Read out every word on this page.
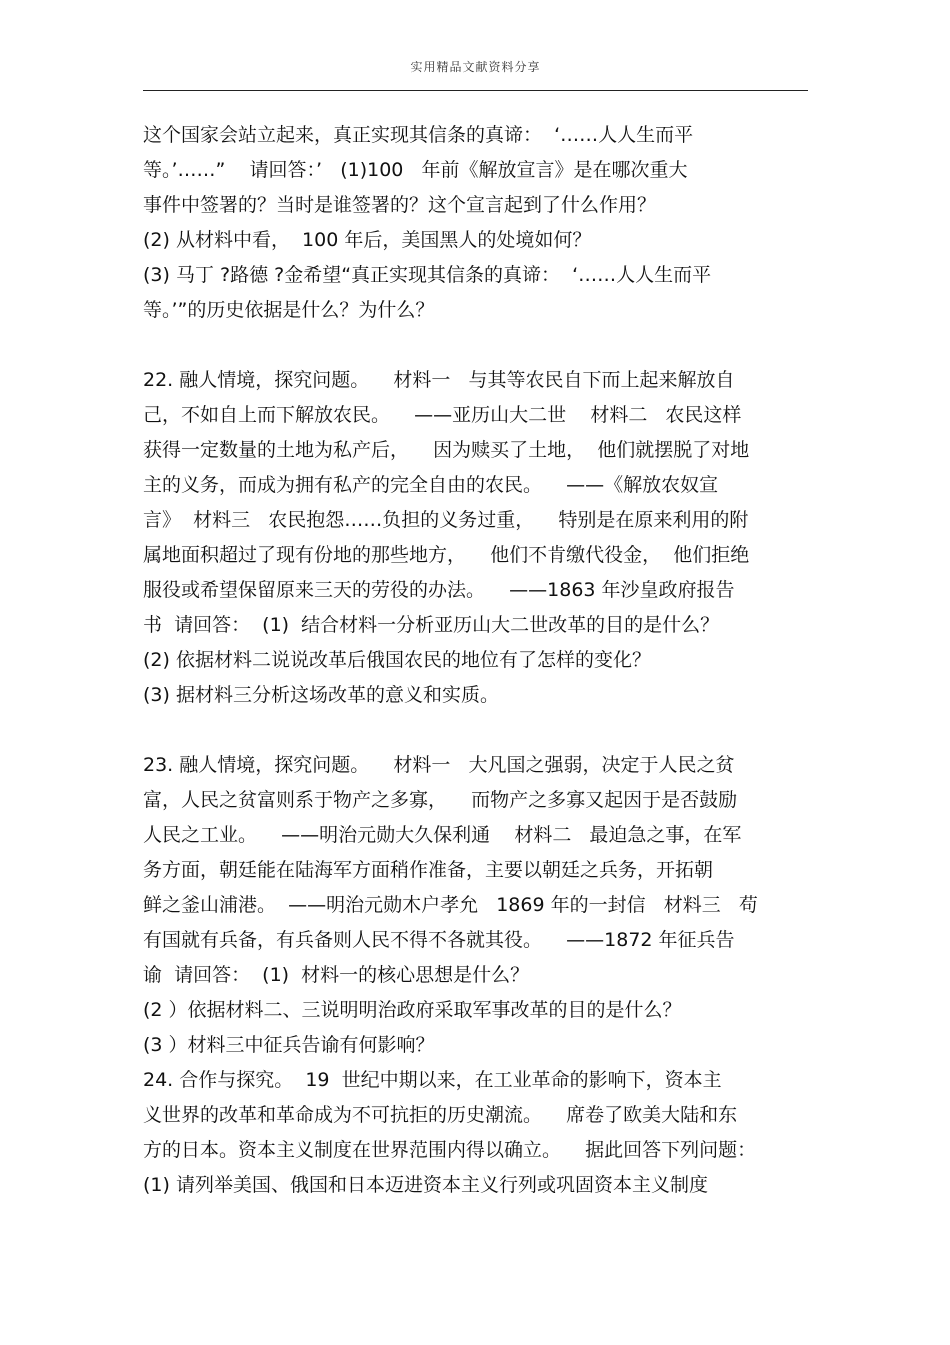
实用精品文献资料分享
这个国家会站立起来，真正实现其信条的真谛：  ‘……人人生而平
等。’……”    请回答：’   (1)100   年前《解放宣言》是在哪次重大
事件中签署的？当时是谁签署的？这个宣言起到了什么作用？
(2) 从材料中看，  100 年后，美国黑人的处境如何？
(3) 马丁 ?路德 ?金希望“真正实现其信条的真谛：  ‘……人人生而平
等。’”的历史依据是什么？为什么？
22. 融人情境，探究问题。    材料一   与其等农民自下而上起来解放自
己，不如自上而下解放农民。    ——亚历山大二世    材料二   农民这样
获得一定数量的土地为私产后，    因为赎买了土地，  他们就摆脱了对地
主的义务，而成为拥有私产的完全自由的农民。    ——《解放农奴宣
言》  材料三   农民抱怨……负担的义务过重，    特别是在原来利用的附
属地面积超过了现有份地的那些地方，    他们不肯缴代役金，  他们拒绝
服役或希望保留原来三天的劳役的办法。    ——1863 年沙皇政府报告
书  请回答：  (1)  结合材料一分析亚历山大二世改革的目的是什么？
(2) 依据材料二说说改革后俄国农民的地位有了怎样的变化？
(3) 据材料三分析这场改革的意义和实质。
23. 融人情境，探究问题。    材料一   大凡国之强弱，决定于人民之贫
富，人民之贫富则系于物产之多寡，    而物产之多寡又起因于是否鼓励
人民之工业。    ——明治元勋大久保利通    材料二   最迫急之事，在军
务方面，朝廷能在陆海军方面稍作准备，主要以朝廷之兵务，开拓朝
鲜之釜山浦港。  ——明治元勋木户孝允   1869 年的一封信   材料三   苟
有国就有兵备，有兵备则人民不得不各就其役。    ——1872 年征兵告
谕  请回答：  (1)  材料一的核心思想是什么？
(2 ）依据材料二、三说明明治政府采取军事改革的目的是什么？
(3 ）材料三中征兵告谕有何影响？
24. 合作与探究。  19  世纪中期以来，在工业革命的影响下，资本主
义世界的改革和革命成为不可抗拒的历史潮流。    席卷了欧美大陆和东
方的日本。资本主义制度在世界范围内得以确立。    据此回答下列问题：
(1) 请列举美国、俄国和日本迈进资本主义行列或巩固资本主义制度
